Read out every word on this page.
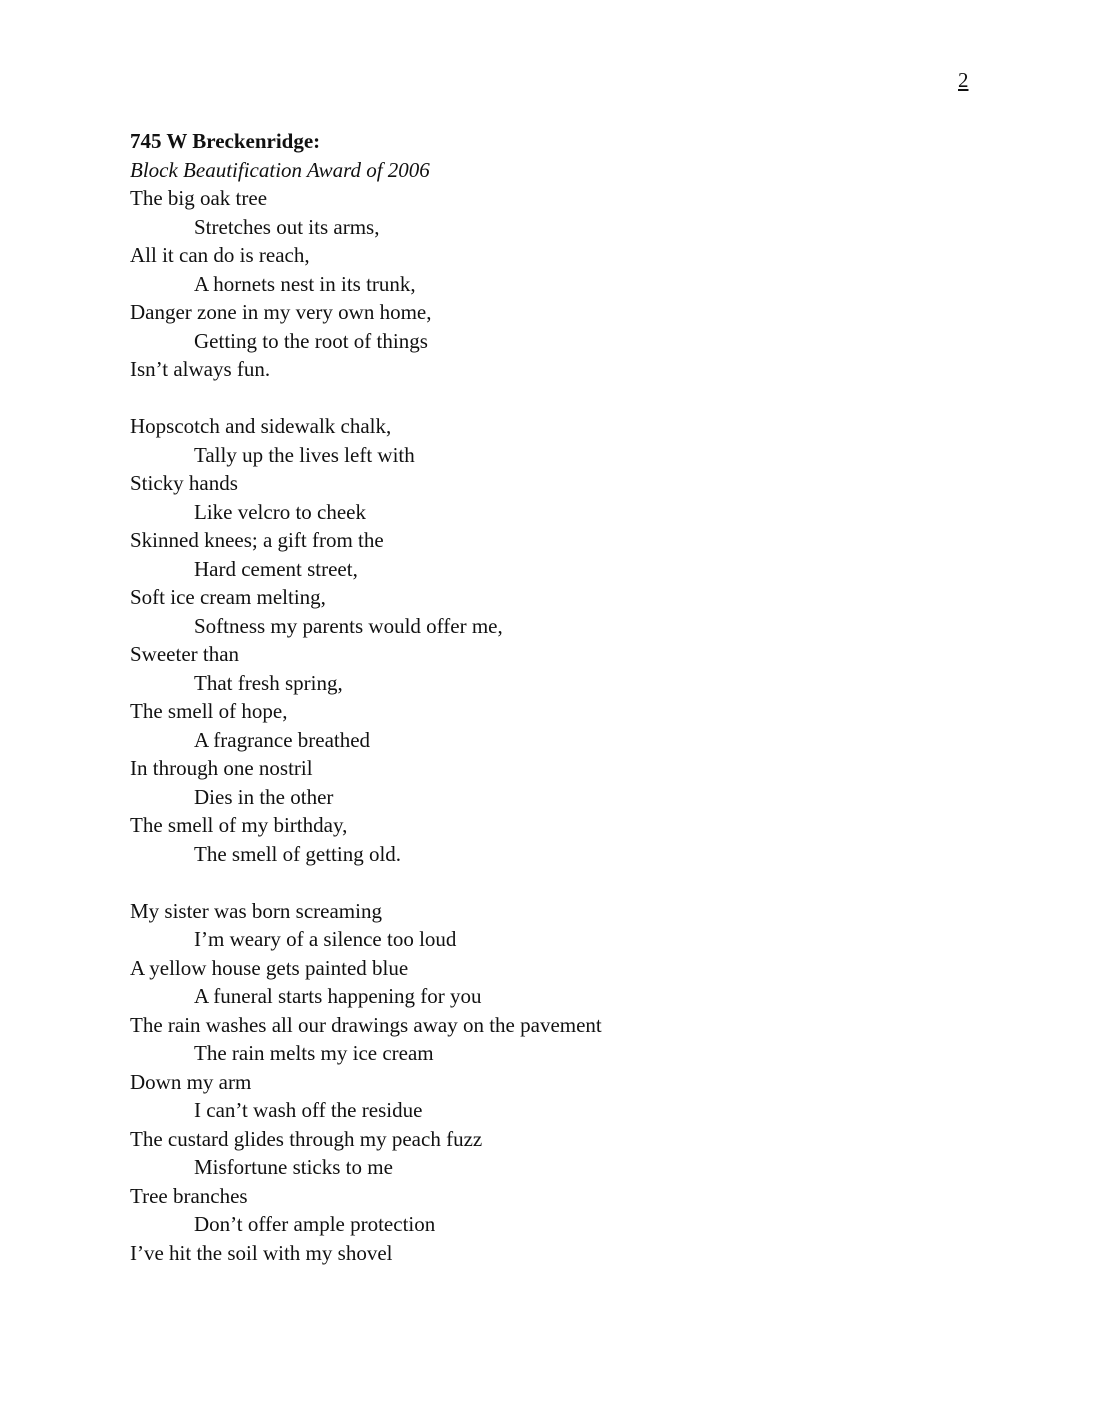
2
745 W Breckenridge:
Block Beautification Award of 2006
The big oak tree
Stretches out its arms,
All it can do is reach,
A hornets nest in its trunk,
Danger zone in my very own home,
Getting to the root of things
Isn’t always fun.
Hopscotch and sidewalk chalk,
Tally up the lives left with
Sticky hands
Like velcro to cheek
Skinned knees; a gift from the
Hard cement street,
Soft ice cream melting,
Softness my parents would offer me,
Sweeter than
That fresh spring,
The smell of hope,
A fragrance breathed
In through one nostril
Dies in the other
The smell of my birthday,
The smell of getting old.
My sister was born screaming
I’m weary of a silence too loud
A yellow house gets painted blue
A funeral starts happening for you
The rain washes all our drawings away on the pavement
The rain melts my ice cream
Down my arm
I can’t wash off the residue
The custard glides through my peach fuzz
Misfortune sticks to me
Tree branches
Don’t offer ample protection
I’ve hit the soil with my shovel
